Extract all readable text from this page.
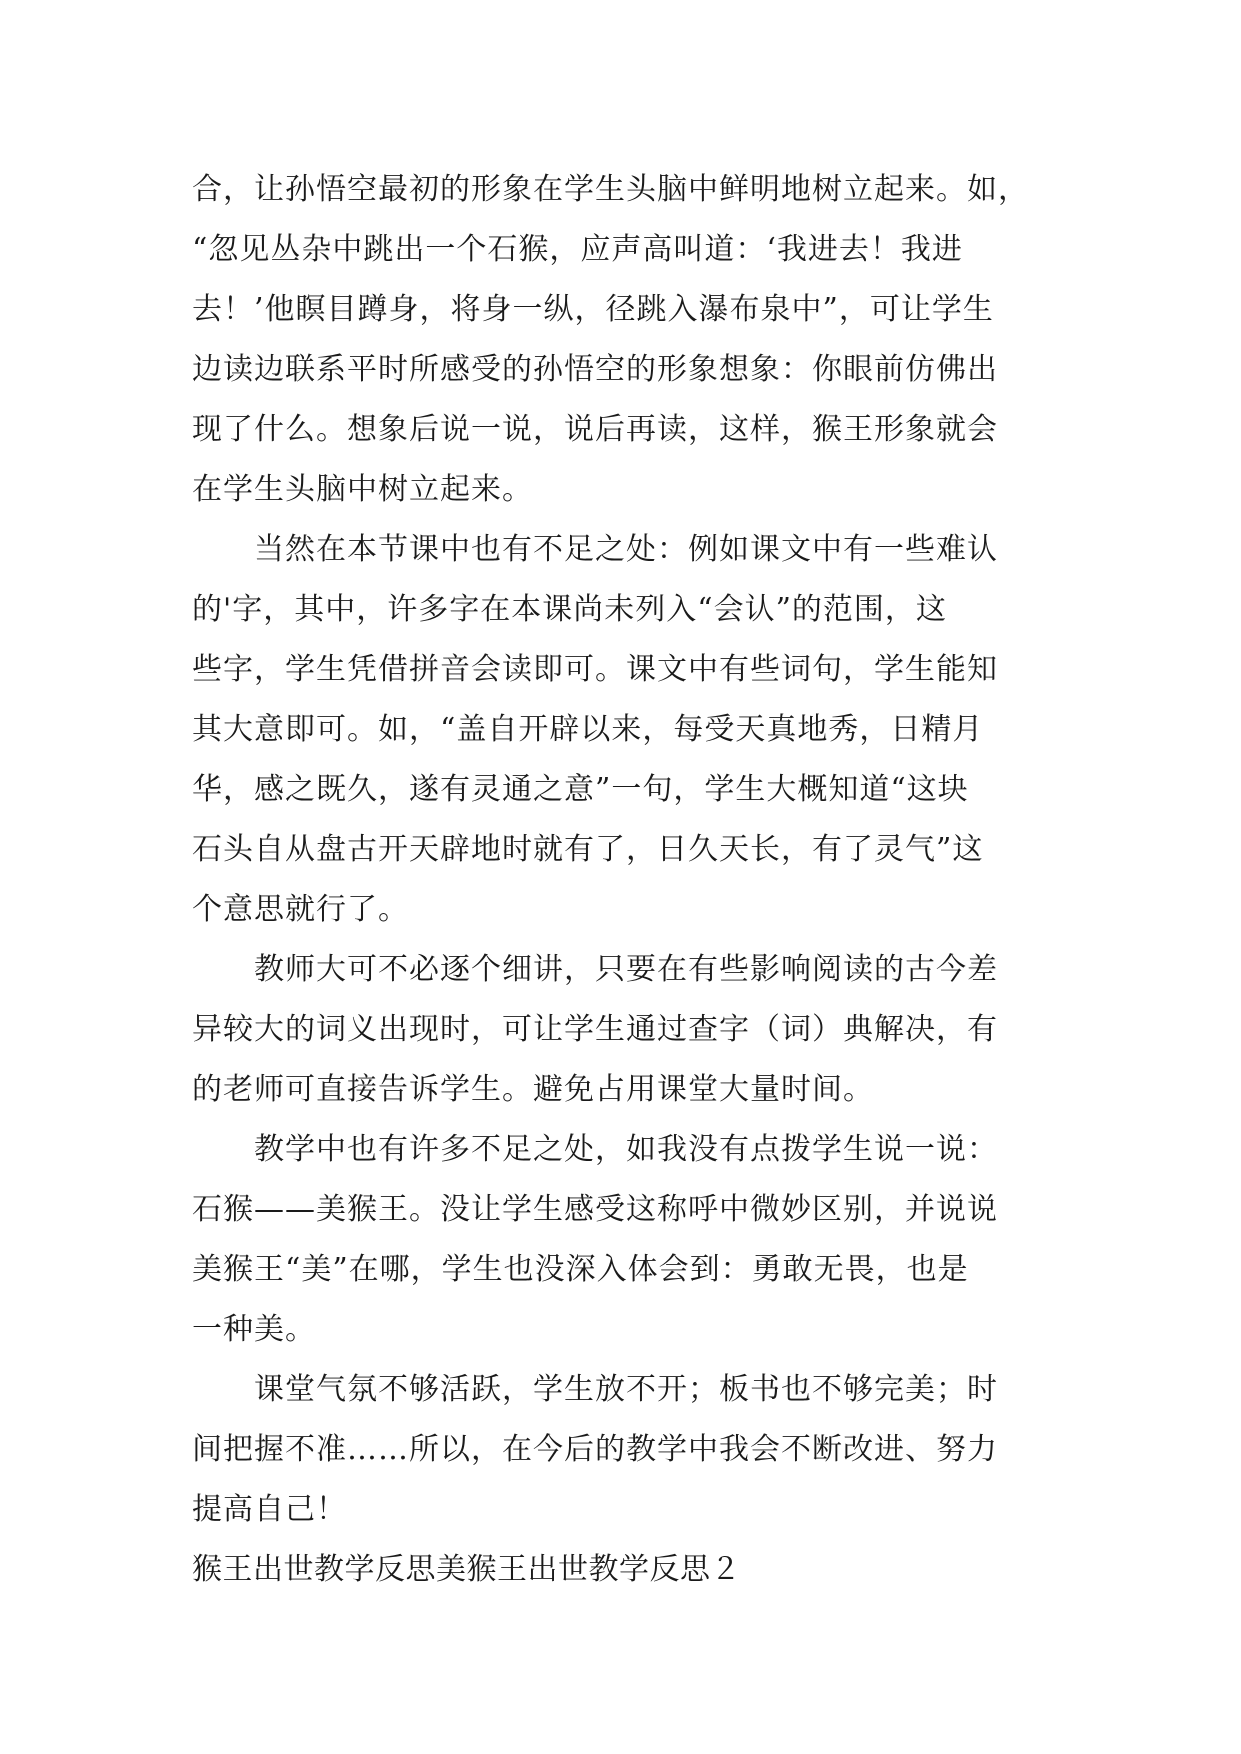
合，让孙悟空最初的形象在学生头脑中鲜明地树立起来。如，
“忽见丛杂中跳出一个石猴，应声高叫道：‘我进去！我进
去！’他瞑目蹲身，将身一纵，径跳入瀑布泉中”，可让学生
边读边联系平时所感受的孙悟空的形象想象：你眼前仿佛出
现了什么。想象后说一说，说后再读，这样，猴王形象就会
在学生头脑中树立起来。
　　当然在本节课中也有不足之处：例如课文中有一些难认
的'字，其中，许多字在本课尚未列入“会认”的范围，这
些字，学生凭借拼音会读即可。课文中有些词句，学生能知
其大意即可。如，“盖自开辟以来，每受天真地秀，日精月
华，感之既久，遂有灵通之意”一句，学生大概知道“这块
石头自从盘古开天辟地时就有了，日久天长，有了灵气”这
个意思就行了。
　　教师大可不必逐个细讲，只要在有些影响阅读的古今差
异较大的词义出现时，可让学生通过查字（词）典解决，有
的老师可直接告诉学生。避免占用课堂大量时间。
　　教学中也有许多不足之处，如我没有点拨学生说一说：
石猴——美猴王。没让学生感受这称呼中微妙区别，并说说
美猴王“美”在哪，学生也没深入体会到：勇敢无畏，也是
一种美。
　　课堂气氛不够活跃，学生放不开；板书也不够完美；时
间把握不准……所以，在今后的教学中我会不断改进、努力
提高自己！
猴王出世教学反思美猴王出世教学反思２
